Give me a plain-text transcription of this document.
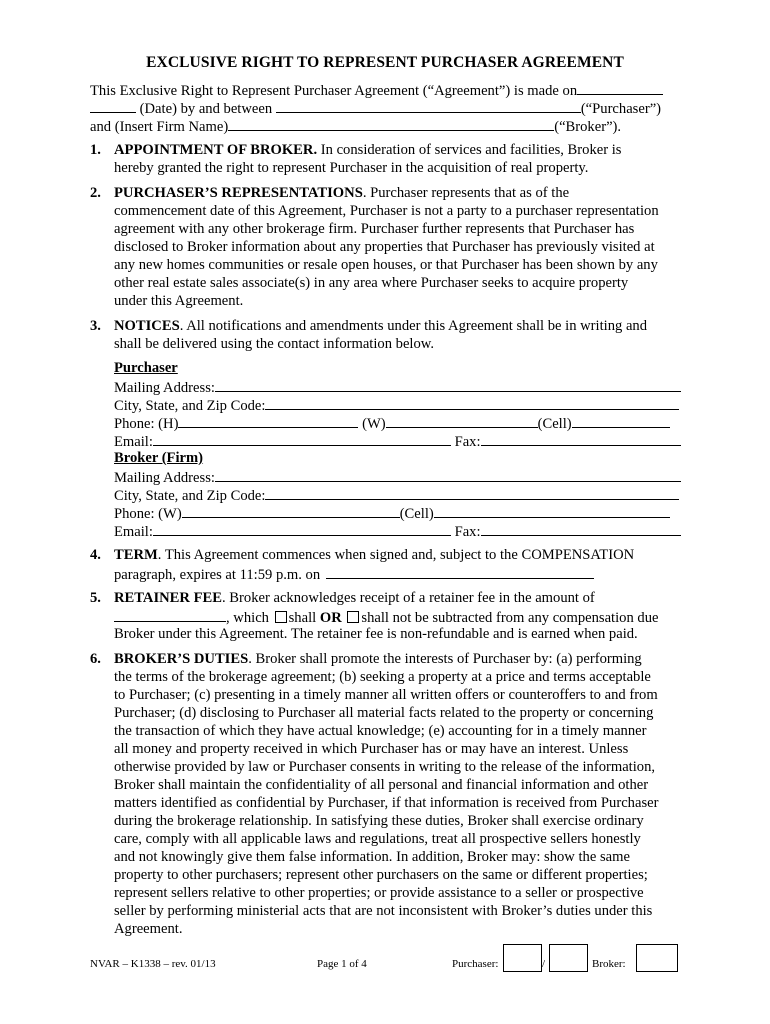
EXCLUSIVE RIGHT TO REPRESENT PURCHASER AGREEMENT
This Exclusive Right to Represent Purchaser Agreement (“Agreement”) is made on
(Date) by and between	(“Purchaser”)
and (Insert Firm Name)	(“Broker”).
1. APPOINTMENT OF BROKER. In consideration of services and facilities, Broker is
hereby granted the right to represent Purchaser in the acquisition of real property.
2. PURCHASER’S REPRESENTATIONS. Purchaser represents that as of the
commencement date of this Agreement, Purchaser is not a party to a purchaser representation
agreement with any other brokerage firm. Purchaser further represents that Purchaser has
disclosed to Broker information about any properties that Purchaser has previously visited at
any new homes communities or resale open houses, or that Purchaser has been shown by any
other real estate sales associate(s) in any area where Purchaser seeks to acquire property
under this Agreement.
3. NOTICES. All notifications and amendments under this Agreement shall be in writing and
shall be delivered using the contact information below.
Purchaser
Mailing Address:
City, State, and Zip Code:
Phone: (H)	(W)	(Cell)
Email:	Fax:
Broker (Firm)
Mailing Address:
City, State, and Zip Code:
Phone: (W)	(Cell)
Email:	Fax:
4. TERM. This Agreement commences when signed and, subject to the COMPENSATION
paragraph, expires at 11:59 p.m. on
5. RETAINER FEE. Broker acknowledges receipt of a retainer fee in the amount of
, which shall OR shall not be subtracted from any compensation due
Broker under this Agreement. The retainer fee is non-refundable and is earned when paid.
6. BROKER’S DUTIES. Broker shall promote the interests of Purchaser by: (a) performing
the terms of the brokerage agreement; (b) seeking a property at a price and terms acceptable
to Purchaser; (c) presenting in a timely manner all written offers or counteroffers to and from
Purchaser; (d) disclosing to Purchaser all material facts related to the property or concerning
the transaction of which they have actual knowledge; (e) accounting for in a timely manner
all money and property received in which Purchaser has or may have an interest. Unless
otherwise provided by law or Purchaser consents in writing to the release of the information,
Broker shall maintain the confidentiality of all personal and financial information and other
matters identified as confidential by Purchaser, if that information is received from Purchaser
during the brokerage relationship. In satisfying these duties, Broker shall exercise ordinary
care, comply with all applicable laws and regulations, treat all prospective sellers honestly
and not knowingly give them false information. In addition, Broker may: show the same
property to other purchasers; represent other purchasers on the same or different properties;
represent sellers relative to other properties; or provide assistance to a seller or prospective
seller by performing ministerial acts that are not inconsistent with Broker’s duties under this
Agreement.
NVAR – K1338 – rev. 01/13	Page 1 of 4	Purchaser:	/	Broker:
